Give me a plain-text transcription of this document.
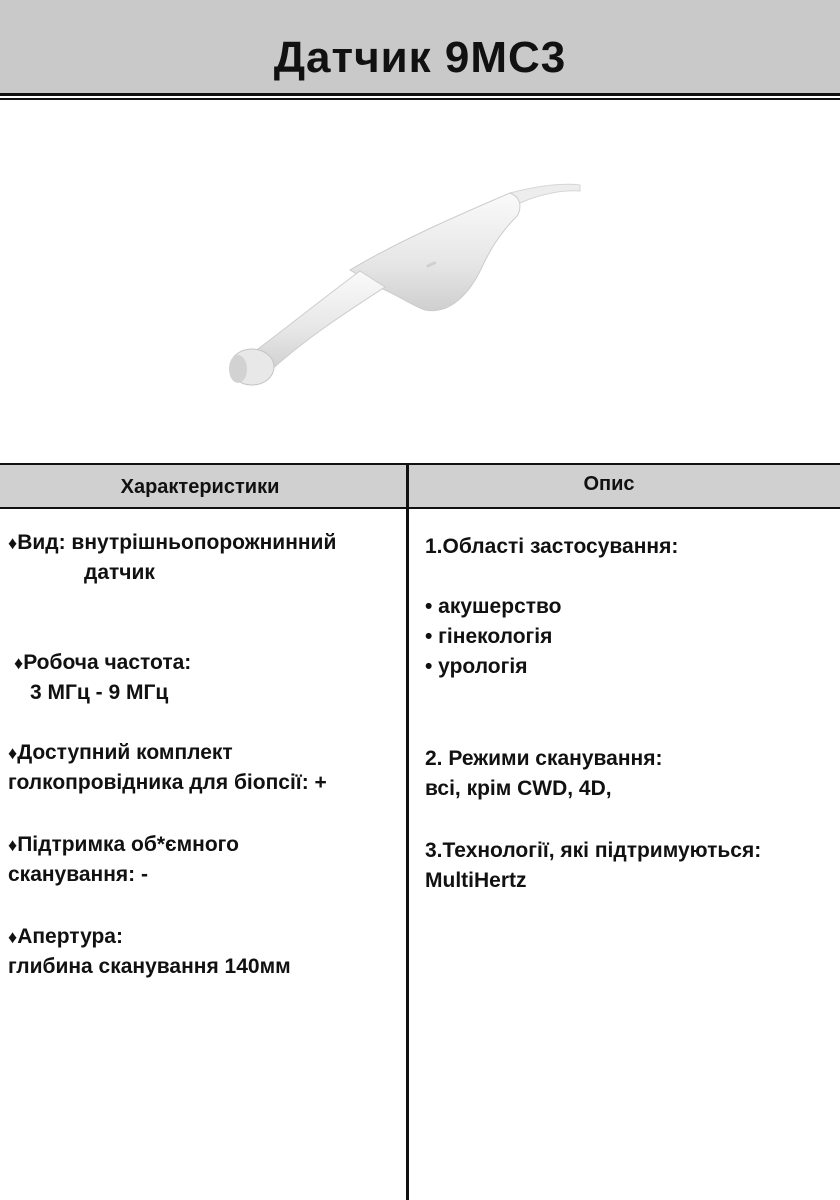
Датчик 9MC3
Характеристики	Опис
♦Вид: внутрішньопорожнинний
датчик
♦Робоча частота:
3 МГц - 9 МГц
♦Доступний комплект
голкопровідника для біопсії: +
♦Підтримка об*ємного
сканування: -
♦Апертура:
глибина сканування 140мм
1.Області застосування:
• акушерство
• гінекологія
• урологія
2. Режими сканування:
всі, крім CWD, 4D,
3.Технології, які підтримуються:
MultiHertz
